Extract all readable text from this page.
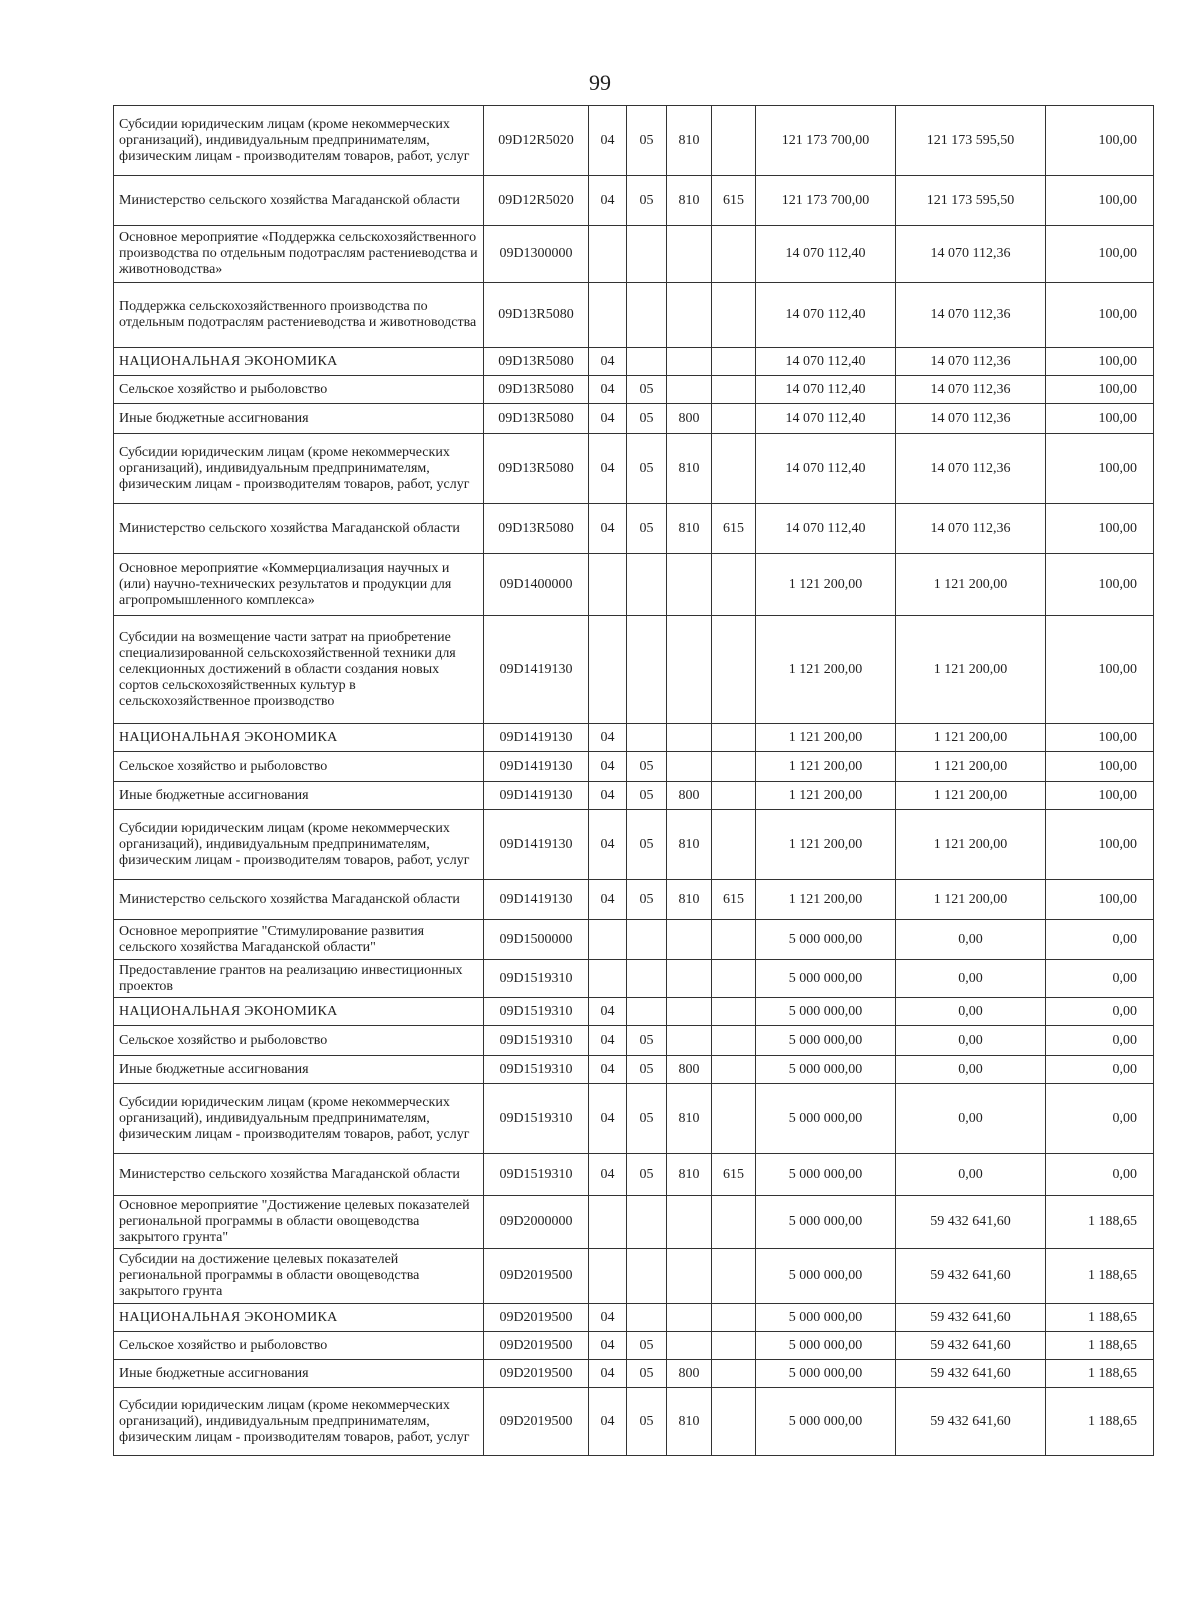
99
Субсидии юридическим лицам (кроме некоммерческих организаций), индивидуальным предпринимателям, физическим лицам - производителям товаров, работ, услуг	09D12R5020	04	05	810		121 173 700,00	121 173 595,50	100,00
Министерство сельского хозяйства Магаданской области	09D12R5020	04	05	810	615	121 173 700,00	121 173 595,50	100,00
Основное мероприятие «Поддержка сельскохозяйственного производства по отдельным подотраслям растениеводства и животноводства»	09D1300000					14 070 112,40	14 070 112,36	100,00
Поддержка сельскохозяйственного производства по отдельным подотраслям растениеводства и животноводства	09D13R5080					14 070 112,40	14 070 112,36	100,00
НАЦИОНАЛЬНАЯ ЭКОНОМИКА	09D13R5080	04				14 070 112,40	14 070 112,36	100,00
Сельское хозяйство и рыболовство	09D13R5080	04	05			14 070 112,40	14 070 112,36	100,00
Иные бюджетные ассигнования	09D13R5080	04	05	800		14 070 112,40	14 070 112,36	100,00
Субсидии юридическим лицам (кроме некоммерческих организаций), индивидуальным предпринимателям, физическим лицам - производителям товаров, работ, услуг	09D13R5080	04	05	810		14 070 112,40	14 070 112,36	100,00
Министерство сельского хозяйства Магаданской области	09D13R5080	04	05	810	615	14 070 112,40	14 070 112,36	100,00
Основное мероприятие «Коммерциализация научных и (или) научно-технических результатов и продукции для агропромышленного комплекса»	09D1400000					1 121 200,00	1 121 200,00	100,00
Субсидии на возмещение части затрат на приобретение специализированной сельскохозяйственной техники для селекционных достижений в области создания новых сортов сельскохозяйственных культур в сельскохозяйственное производство	09D1419130					1 121 200,00	1 121 200,00	100,00
НАЦИОНАЛЬНАЯ ЭКОНОМИКА	09D1419130	04				1 121 200,00	1 121 200,00	100,00
Сельское хозяйство и рыболовство	09D1419130	04	05			1 121 200,00	1 121 200,00	100,00
Иные бюджетные ассигнования	09D1419130	04	05	800		1 121 200,00	1 121 200,00	100,00
Субсидии юридическим лицам (кроме некоммерческих организаций), индивидуальным предпринимателям, физическим лицам - производителям товаров, работ, услуг	09D1419130	04	05	810		1 121 200,00	1 121 200,00	100,00
Министерство сельского хозяйства Магаданской области	09D1419130	04	05	810	615	1 121 200,00	1 121 200,00	100,00
Основное мероприятие "Стимулирование развития сельского хозяйства Магаданской области"	09D1500000					5 000 000,00	0,00	0,00
Предоставление грантов на реализацию инвестиционных проектов	09D1519310					5 000 000,00	0,00	0,00
НАЦИОНАЛЬНАЯ ЭКОНОМИКА	09D1519310	04				5 000 000,00	0,00	0,00
Сельское хозяйство и рыболовство	09D1519310	04	05			5 000 000,00	0,00	0,00
Иные бюджетные ассигнования	09D1519310	04	05	800		5 000 000,00	0,00	0,00
Субсидии юридическим лицам (кроме некоммерческих организаций), индивидуальным предпринимателям, физическим лицам - производителям товаров, работ, услуг	09D1519310	04	05	810		5 000 000,00	0,00	0,00
Министерство сельского хозяйства Магаданской области	09D1519310	04	05	810	615	5 000 000,00	0,00	0,00
Основное мероприятие "Достижение целевых показателей региональной программы в области овощеводства закрытого грунта"	09D2000000					5 000 000,00	59 432 641,60	1 188,65
Субсидии на достижение целевых показателей региональной программы в области овощеводства закрытого грунта	09D2019500					5 000 000,00	59 432 641,60	1 188,65
НАЦИОНАЛЬНАЯ ЭКОНОМИКА	09D2019500	04				5 000 000,00	59 432 641,60	1 188,65
Сельское хозяйство и рыболовство	09D2019500	04	05			5 000 000,00	59 432 641,60	1 188,65
Иные бюджетные ассигнования	09D2019500	04	05	800		5 000 000,00	59 432 641,60	1 188,65
Субсидии юридическим лицам (кроме некоммерческих организаций), индивидуальным предпринимателям, физическим лицам - производителям товаров, работ, услуг	09D2019500	04	05	810		5 000 000,00	59 432 641,60	1 188,65
